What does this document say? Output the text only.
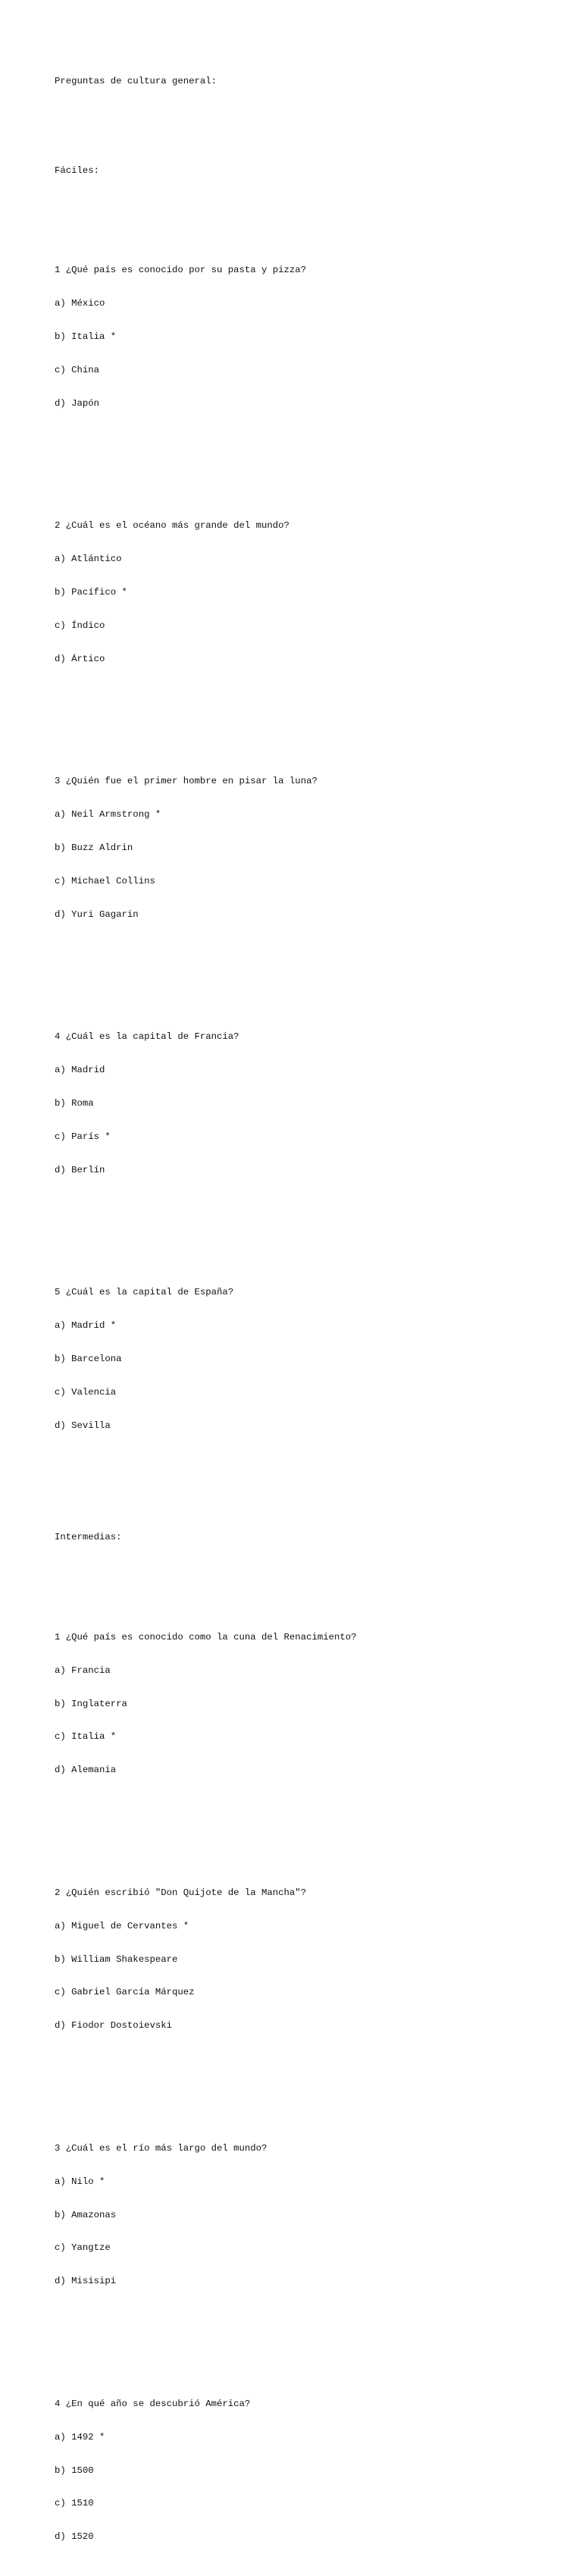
Preguntas de cultura general:

Fáciles:

1 ¿Qué país es conocido por su pasta y pizza?

a) México

b) Italia *

c) China

d) Japón

2 ¿Cuál es el océano más grande del mundo?

a) Atlántico

b) Pacífico *

c) Índico

d) Ártico

3 ¿Quién fue el primer hombre en pisar la luna?

a) Neil Armstrong *

b) Buzz Aldrin

c) Michael Collins

d) Yuri Gagarin

4 ¿Cuál es la capital de Francia?

a) Madrid

b) Roma

c) París *

d) Berlín

5 ¿Cuál es la capital de España?

a) Madrid *

b) Barcelona

c) Valencia

d) Sevilla

Intermedias:

1 ¿Qué país es conocido como la cuna del Renacimiento?

a) Francia

b) Inglaterra

c) Italia *

d) Alemania

2 ¿Quién escribió "Don Quijote de la Mancha"?

a) Miguel de Cervantes *

b) William Shakespeare

c) Gabriel García Márquez

d) Fiodor Dostoievski

3 ¿Cuál es el río más largo del mundo?

a) Nilo *

b) Amazonas

c) Yangtze

d) Misisipi

4 ¿En qué año se descubrió América?

a) 1492 *

b) 1500

c) 1510

d) 1520
